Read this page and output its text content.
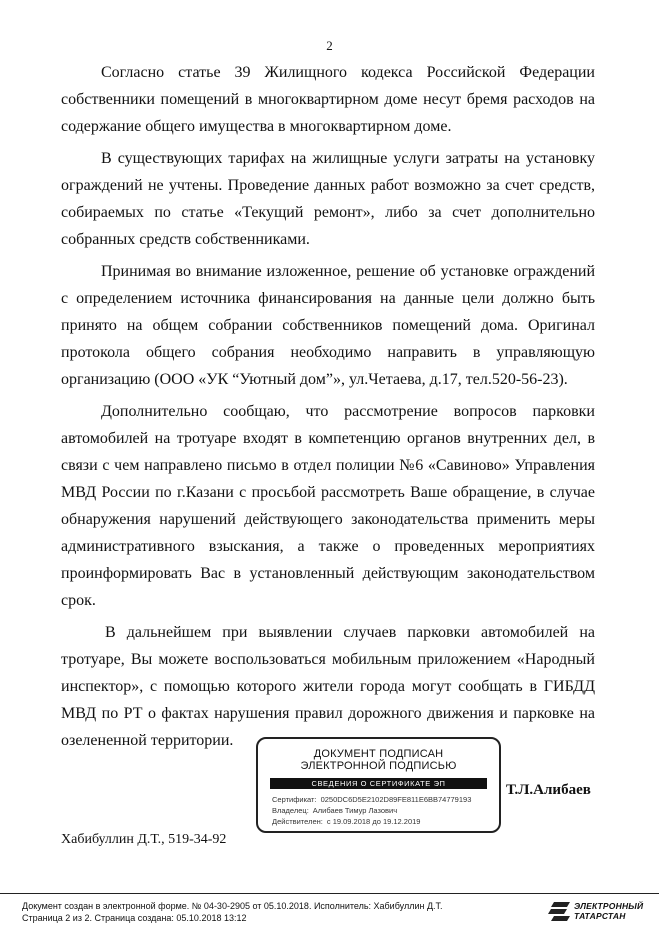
2

Согласно статье 39 Жилищного кодекса Российской Федерации собственники помещений в многоквартирном доме несут бремя расходов на содержание общего имущества в многоквартирном доме.

В существующих тарифах на жилищные услуги затраты на установку ограждений не учтены. Проведение данных работ возможно за счет средств, собираемых по статье «Текущий ремонт», либо за счет дополнительно собранных средств собственниками.

Принимая во внимание изложенное, решение об установке ограждений с определением источника финансирования на данные цели должно быть принято на общем собрании собственников помещений дома. Оригинал протокола общего собрания необходимо направить в управляющую организацию (ООО «УК “Уютный дом”», ул.Четаева, д.17, тел.520-56-23).

Дополнительно сообщаю, что рассмотрение вопросов парковки автомобилей на тротуаре входят в компетенцию органов внутренних дел, в связи с чем направлено письмо в отдел полиции №6 «Савиново» Управления МВД России по г.Казани с просьбой рассмотреть Ваше обращение, в случае обнаружения нарушений действующего законодательства применить меры административного взыскания, а также о проведенных мероприятиях проинформировать Вас в установленный действующим законодательством срок.

В дальнейшем при выявлении случаев парковки автомобилей на тротуаре, Вы можете воспользоваться мобильным приложением «Народный инспектор», с помощью которого жители города могут сообщать в ГИБДД МВД по РТ о фактах нарушения правил дорожного движения и парковке на озелененной территории.

ДОКУМЕНТ ПОДПИСАН
ЭЛЕКТРОННОЙ ПОДПИСЬЮ
СВЕДЕНИЯ О СЕРТИФИКАТЕ ЭП
Сертификат: 0250DC6D5E2102D89FE811E6BB74779193
Владелец: Алибаев Тимур Лазович
Действителен: с 19.09.2018 до 19.12.2019
Т.Л.Алибаев
Хабибуллин Д.Т., 519-34-92
Документ создан в электронной форме. № 04-30-2905 от 05.10.2018. Исполнитель: Хабибуллин Д.Т.
Страница 2 из 2. Страница создана: 05.10.2018 13:12
ЭЛЕКТРОННЫЙ
ТАТАРСТАН
